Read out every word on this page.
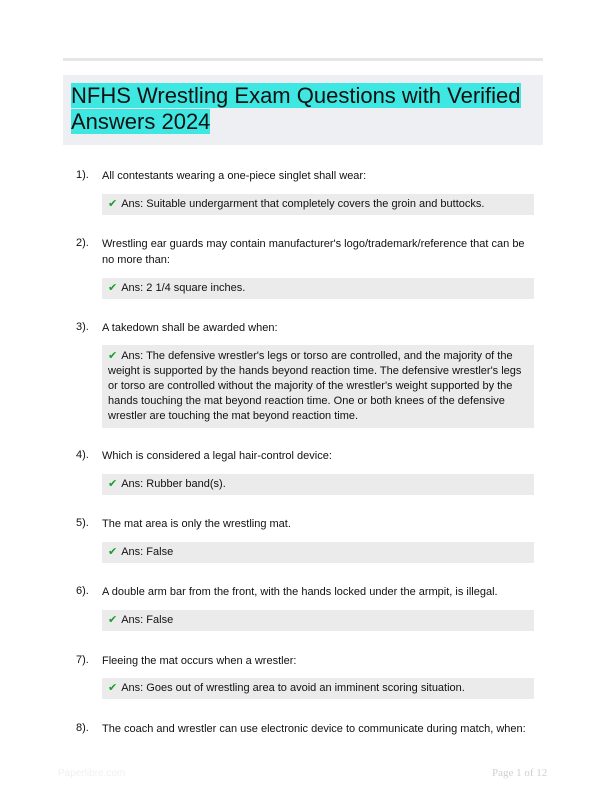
NFHS Wrestling Exam Questions with Verified
Answers 2024
1). All contestants wearing a one-piece singlet shall wear:
✔ Ans: Suitable undergarment that completely covers the groin and buttocks.
2). Wrestling ear guards may contain manufacturer's logo/trademark/reference that can be no more than:
✔ Ans: 2 1/4 square inches.
3). A takedown shall be awarded when:
✔ Ans: The defensive wrestler's legs or torso are controlled, and the majority of the weight is supported by the hands beyond reaction time. The defensive wrestler's legs or torso are controlled without the majority of the wrestler's weight supported by the hands touching the mat beyond reaction time. One or both knees of the defensive wrestler are touching the mat beyond reaction time.
4). Which is considered a legal hair-control device:
✔ Ans: Rubber band(s).
5). The mat area is only the wrestling mat.
✔ Ans: False
6). A double arm bar from the front, with the hands locked under the armpit, is illegal.
✔ Ans: False
7). Fleeing the mat occurs when a wrestler:
✔ Ans: Goes out of wrestling area to avoid an imminent scoring situation.
8). The coach and wrestler can use electronic device to communicate during match, when:
Paperlibre.com	Page 1 of 12
